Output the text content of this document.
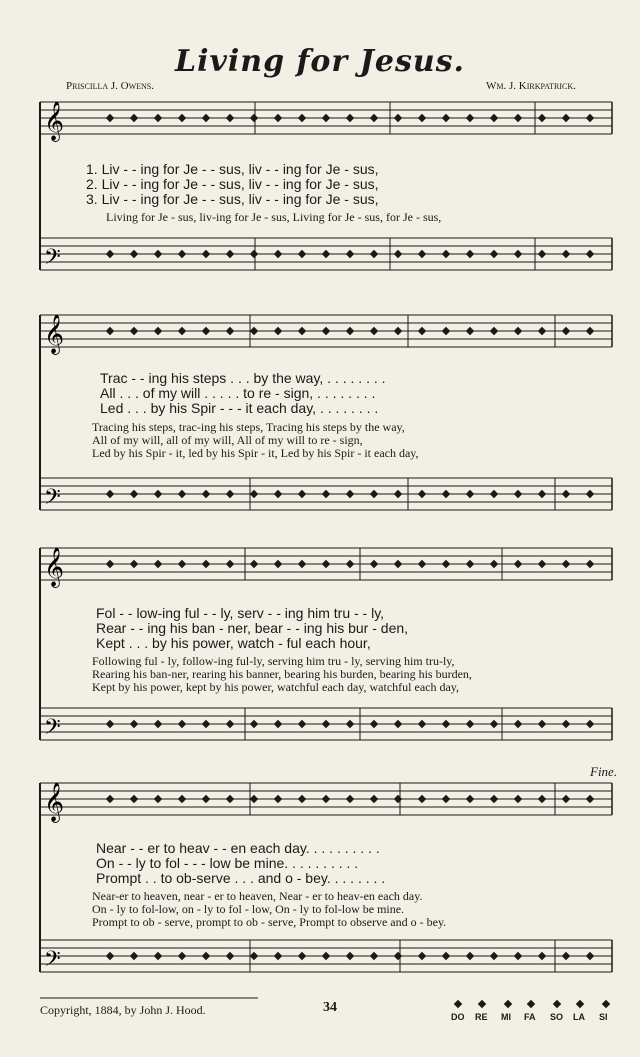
Living for Jesus.
Priscilla J. Owens.	Wm. J. Kirkpatrick.
𝄞
𝄢
𝄞
𝄢
𝄞
𝄢
𝄞
𝄢
1. Liv - - ing for Je - - sus, liv - - ing for Je - sus,
2. Liv - - ing for Je - - sus, liv - - ing for Je - sus,
3. Liv - - ing for Je - - sus, liv - - ing for Je - sus,
Living for Je - sus, liv-ing for Je - sus, Living for Je - sus, for Je - sus,
Trac - - ing his steps . . . by the way, . . . . . . . .
All . . . of my will . . . . . to re - sign, . . . . . . . .
Led . . . by his Spir - - - it each day, . . . . . . . .
Tracing his steps, trac-ing his steps, Tracing his steps by the way,
All of my will, all of my will, All of my will to re - sign,
Led by his Spir - it, led by his Spir - it, Led by his Spir - it each day,
Fol - - low-ing ful - - ly, serv - - ing him tru - - ly,
Rear - - ing his ban - ner, bear - - ing his bur - den,
Kept . . . by his power, watch - ful each hour,
Following ful - ly, follow-ing ful-ly, serving him tru - ly, serving him tru-ly,
Rearing his ban-ner, rearing his banner, bearing his burden, bearing his burden,
Kept by his power, kept by his power, watchful each day, watchful each day,
Fine.
Near - - er to heav - - en each day. . . . . . . . . .
On - - ly to fol - - - low be mine. . . . . . . . . .
Prompt . . to ob-serve . . . and o - bey. . . . . . . .
Near-er to heaven, near - er to heaven, Near - er to heav-en each day.
On - ly to fol-low, on - ly to fol - low, On - ly to fol-low be mine.
Prompt to ob - serve, prompt to ob - serve, Prompt to observe and o - bey.
Copyright, 1884, by John J. Hood.	34
DO RE MI FA SO LA SI
